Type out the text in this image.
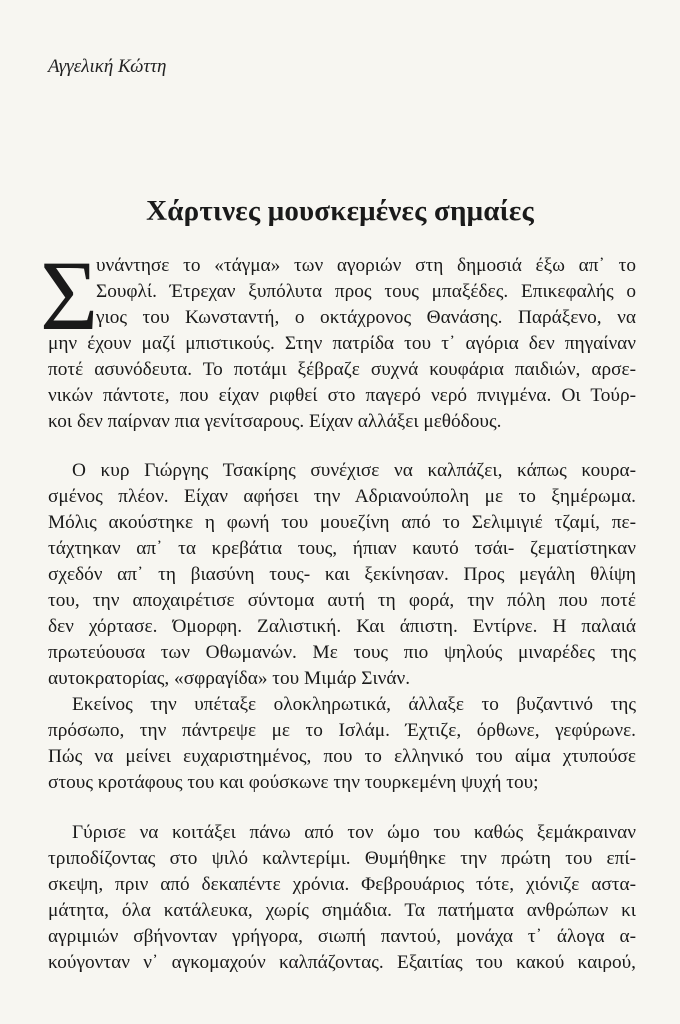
Αγγελική Κώττη
Χάρτινες μουσκεμένες σημαίες
Σ
υνάντησε το «τάγμα» των αγοριών στη δημοσιά έξω απ᾽ το
Σουφλί. Έτρεχαν ξυπόλυτα προς τους μπαξέδες. Επικεφαλής ο
γιος του Κωνσταντή, ο οκτάχρονος Θανάσης. Παράξενο, να
μην έχουν μαζί μπιστικούς. Στην πατρίδα του τ᾽ αγόρια δεν πηγαίναν
ποτέ ασυνόδευτα. Το ποτάμι ξέβραζε συχνά κουφάρια παιδιών, αρσε-
νικών πάντοτε, που είχαν ριφθεί στο παγερό νερό πνιγμένα. Οι Τούρ-
κοι δεν παίρναν πια γενίτσαρους. Είχαν αλλάξει μεθόδους.
Ο κυρ Γιώργης Τσακίρης συνέχισε να καλπάζει, κάπως κουρα-
σμένος πλέον. Είχαν αφήσει την Αδριανούπολη με το ξημέρωμα.
Μόλις ακούστηκε η φωνή του μουεζίνη από το Σελιμιγιέ τζαμί, πε-
τάχτηκαν απ᾽ τα κρεβάτια τους, ήπιαν καυτό τσάι- ζεματίστηκαν
σχεδόν απ᾽ τη βιασύνη τους- και ξεκίνησαν. Προς μεγάλη θλίψη
του, την αποχαιρέτισε σύντομα αυτή τη φορά, την πόλη που ποτέ
δεν χόρτασε. Όμορφη. Ζαλιστική. Και άπιστη. Εντίρνε. Η παλαιά
πρωτεύουσα των Οθωμανών. Με τους πιο ψηλούς μιναρέδες της
αυτοκρατορίας, «σφραγίδα» του Μιμάρ Σινάν.
Εκείνος την υπέταξε ολοκληρωτικά, άλλαξε το βυζαντινό της
πρόσωπο, την πάντρεψε με το Ισλάμ. Έχτιζε, όρθωνε, γεφύρωνε.
Πώς να μείνει ευχαριστημένος, που το ελληνικό του αίμα χτυπούσε
στους κροτάφους του και φούσκωνε την τουρκεμένη ψυχή του;
Γύρισε να κοιτάξει πάνω από τον ώμο του καθώς ξεμάκραιναν
τριποδίζοντας στο ψιλό καλντερίμι. Θυμήθηκε την πρώτη του επί-
σκεψη, πριν από δεκαπέντε χρόνια. Φεβρουάριος τότε, χιόνιζε αστα-
μάτητα, όλα κατάλευκα, χωρίς σημάδια. Τα πατήματα ανθρώπων κι
αγριμιών σβήνονταν γρήγορα, σιωπή παντού, μονάχα τ᾽ άλογα α-
κούγονταν ν᾽ αγκομαχούν καλπάζοντας. Εξαιτίας του κακού καιρού,
